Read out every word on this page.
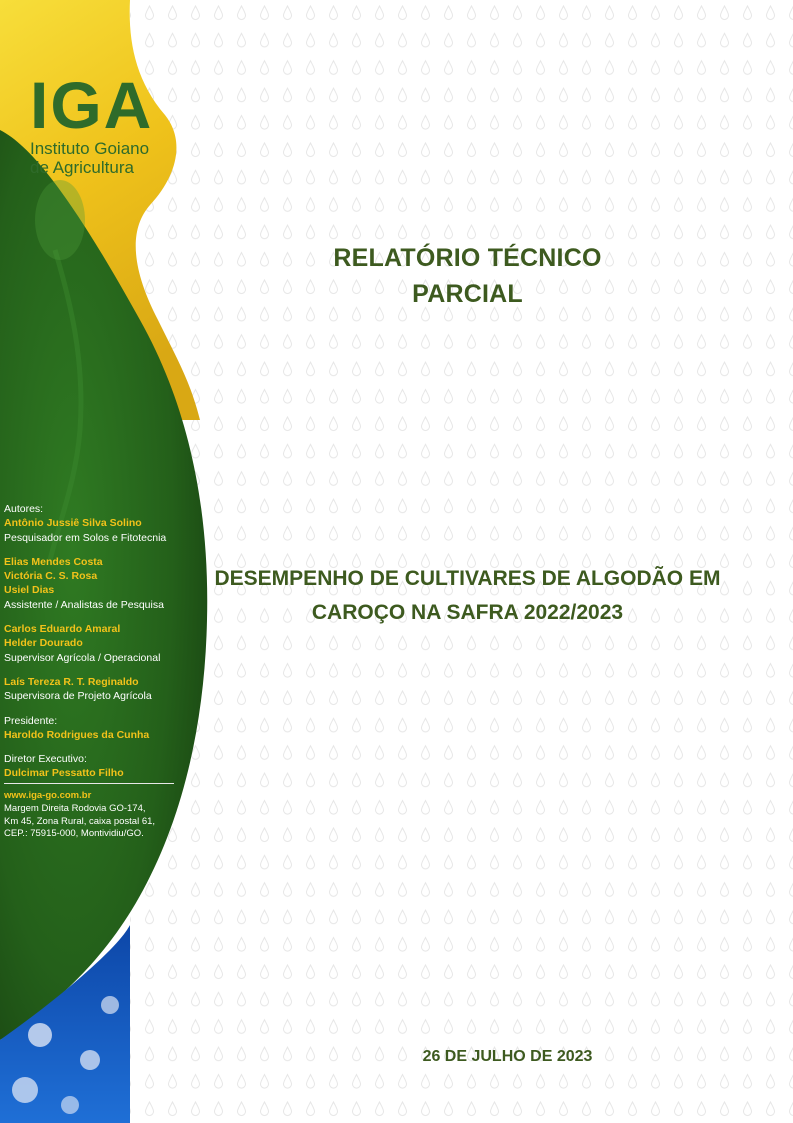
IGA
Instituto Goiano
de Agricultura
RELATÓRIO TÉCNICO
PARCIAL
DESEMPENHO DE CULTIVARES DE ALGODÃO EM
CAROÇO NA SAFRA 2022/2023
26 DE JULHO DE 2023
Autores:
Antônio Jussiê Silva Solino
Pesquisador em Solos e Fitotecnia
Elias Mendes Costa
Victória C. S. Rosa
Usiel Dias
Assistente / Analistas de Pesquisa
Carlos Eduardo Amaral
Helder Dourado
Supervisor Agrícola / Operacional
Laís Tereza R. T. Reginaldo
Supervisora de Projeto Agrícola
Presidente:
Haroldo Rodrigues da Cunha
Diretor Executivo:
Dulcimar Pessatto Filho
www.iga-go.com.br
Margem Direita Rodovia GO-174,
Km 45, Zona Rural, caixa postal 61,
CEP.: 75915-000, Montividiu/GO.
